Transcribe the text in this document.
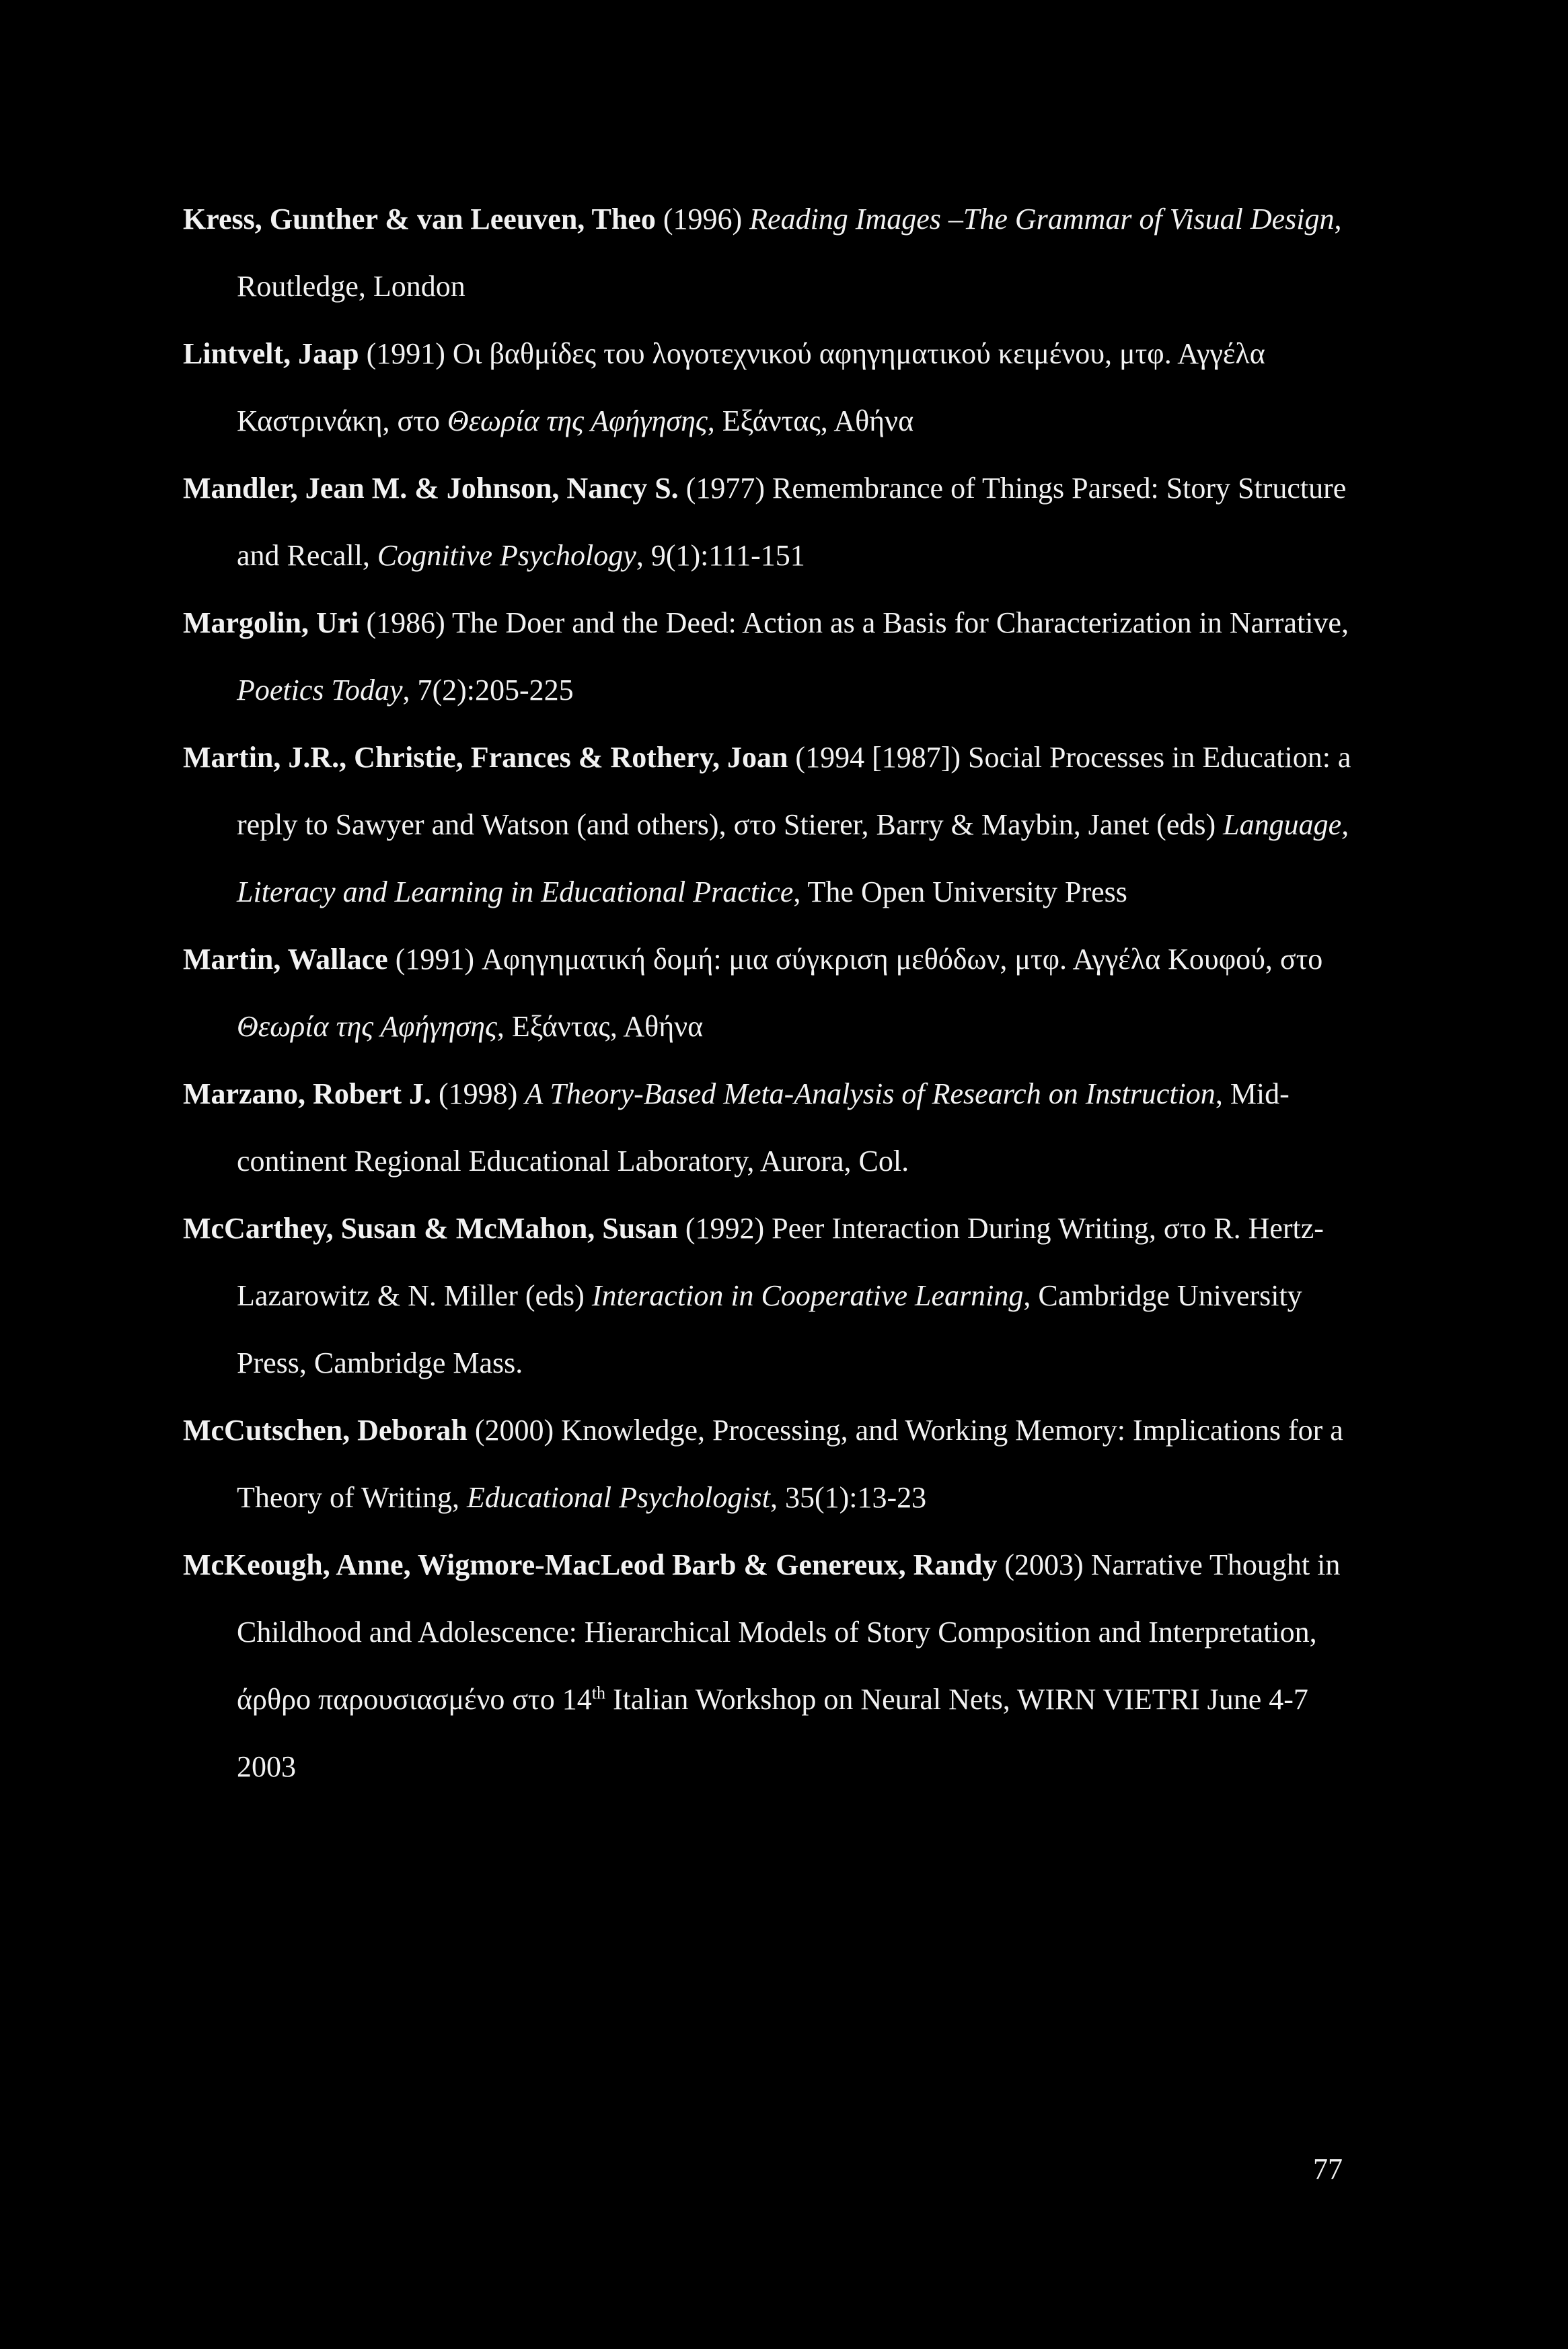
Kress, Gunther & van Leeuven, Theo (1996) Reading Images –The Grammar of Visual Design, Routledge, London

Lintvelt, Jaap (1991) Οι βαθμίδες του λογοτεχνικού αφηγηματικού κειμένου, μτφ. Αγγέλα Καστρινάκη, στο Θεωρία της Αφήγησης, Εξάντας, Αθήνα

Mandler, Jean M. & Johnson, Nancy S. (1977) Remembrance of Things Parsed: Story Structure and Recall, Cognitive Psychology, 9(1):111-151

Margolin, Uri (1986) The Doer and the Deed: Action as a Basis for Characterization in Narrative, Poetics Today, 7(2):205-225

Martin, J.R., Christie, Frances & Rothery, Joan (1994 [1987]) Social Processes in Education: a reply to Sawyer and Watson (and others), στο Stierer, Barry & Maybin, Janet (eds) Language, Literacy and Learning in Educational Practice, The Open University Press

Martin, Wallace (1991) Αφηγηματική δομή: μια σύγκριση μεθόδων, μτφ. Αγγέλα Κουφού, στο Θεωρία της Αφήγησης, Εξάντας, Αθήνα

Marzano, Robert J. (1998) A Theory-Based Meta-Analysis of Research on Instruction, Mid-continent Regional Educational Laboratory, Aurora, Col.

McCarthey, Susan & McMahon, Susan (1992) Peer Interaction During Writing, στο R. Hertz-Lazarowitz & N. Miller (eds) Interaction in Cooperative Learning, Cambridge University Press, Cambridge Mass.

McCutschen, Deborah (2000) Knowledge, Processing, and Working Memory: Implications for a Theory of Writing, Educational Psychologist, 35(1):13-23

McKeough, Anne, Wigmore-MacLeod Barb & Genereux, Randy (2003) Narrative Thought in Childhood and Adolescence: Hierarchical Models of Story Composition and Interpretation, άρθρο παρουσιασμένο στο 14th Italian Workshop on Neural Nets, WIRN VIETRI June 4-7 2003

77
